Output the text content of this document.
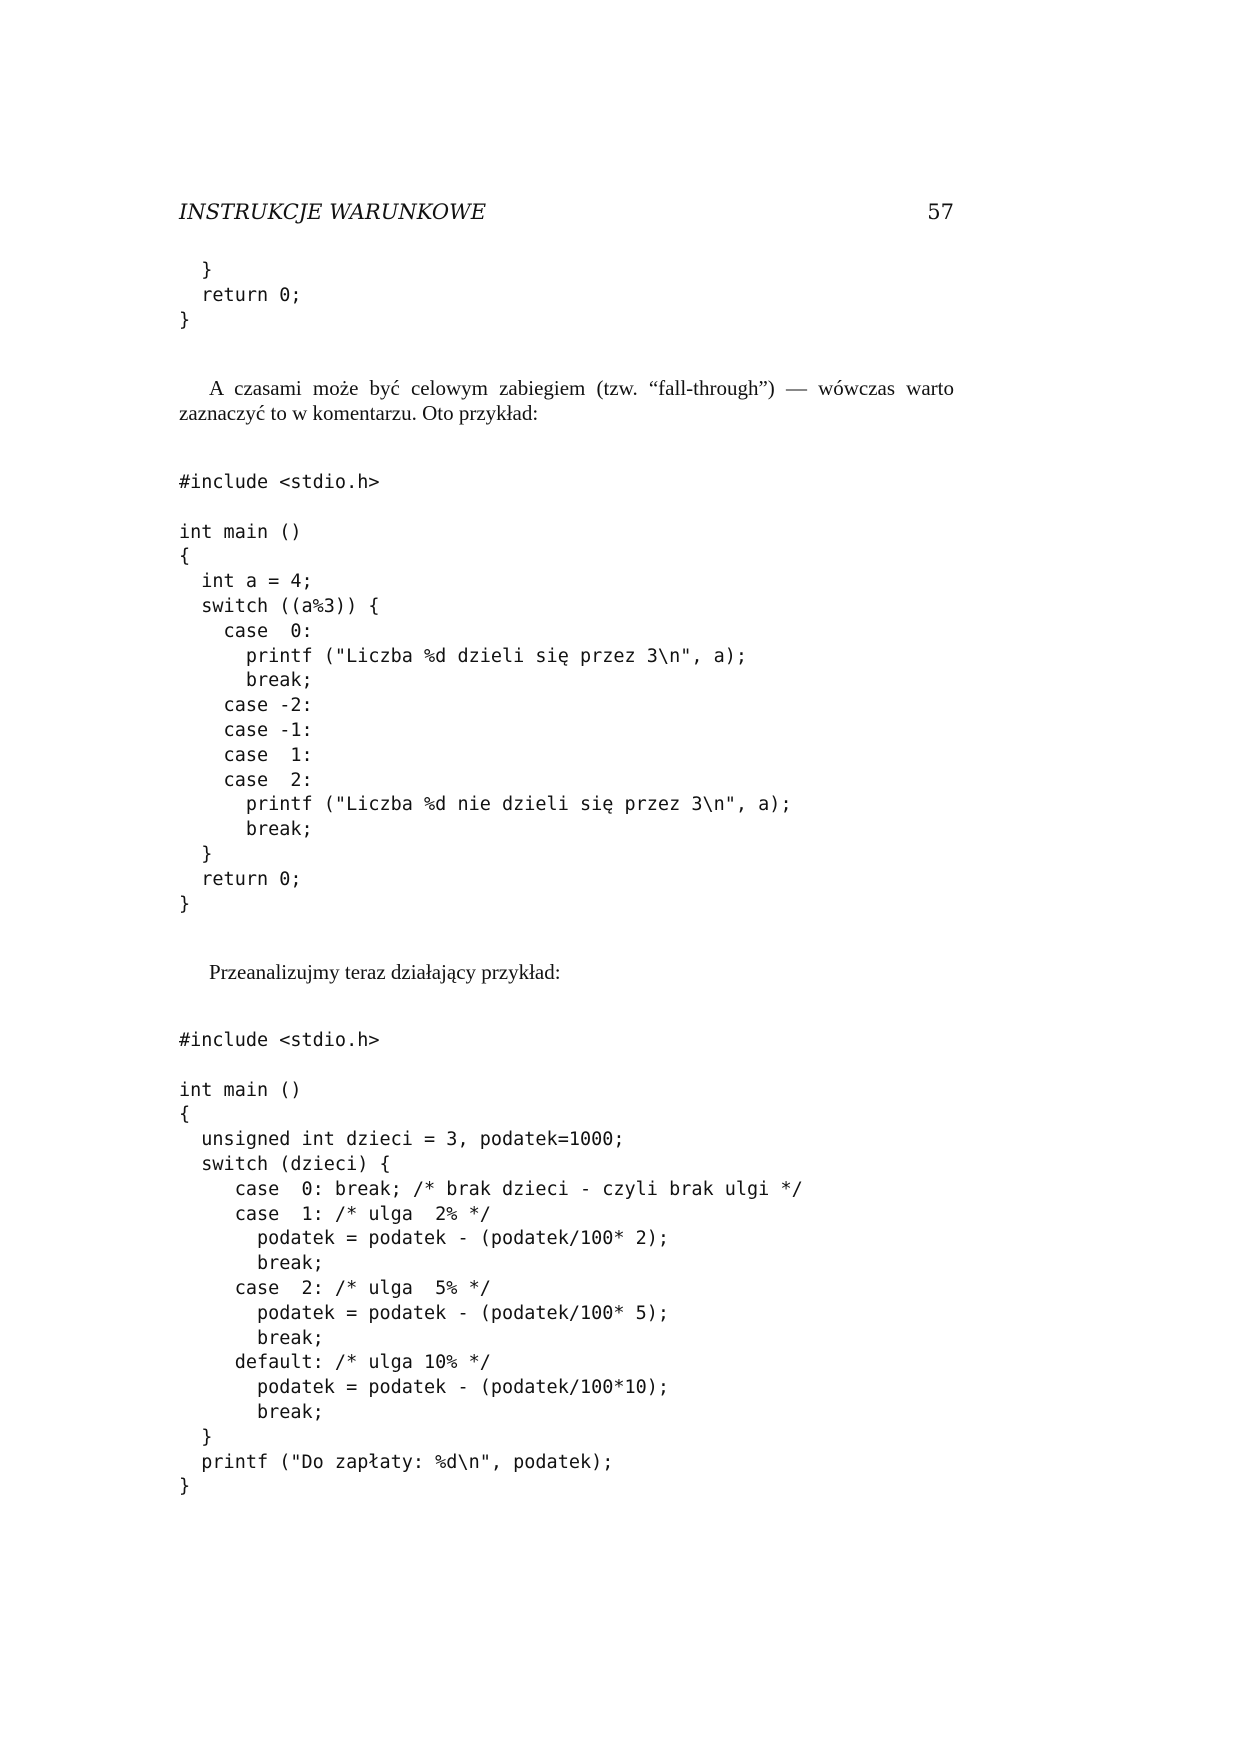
INSTRUKCJE WARUNKOWE	57
}
return 0;
}

A czasami może być celowym zabiegiem (tzw. “fall-through”) — wówczas warto zaznaczyć to w komentarzu. Oto przykład:

#include <stdio.h>

int main ()
{
int a = 4;
switch ((a%3)) {
case  0:
printf ("Liczba %d dzieli się przez 3\n", a);
break;
case -2:
case -1:
case  1:
case  2:
printf ("Liczba %d nie dzieli się przez 3\n", a);
break;
}
return 0;
}

Przeanalizujmy teraz działający przykład:

#include <stdio.h>

int main ()
{
unsigned int dzieci = 3, podatek=1000;
switch (dzieci) {
case  0: break; /* brak dzieci - czyli brak ulgi */
case  1: /* ulga  2% */
podatek = podatek - (podatek/100* 2);
break;
case  2: /* ulga  5% */
podatek = podatek - (podatek/100* 5);
break;
default: /* ulga 10% */
podatek = podatek - (podatek/100*10);
break;
}
printf ("Do zapłaty: %d\n", podatek);
}
